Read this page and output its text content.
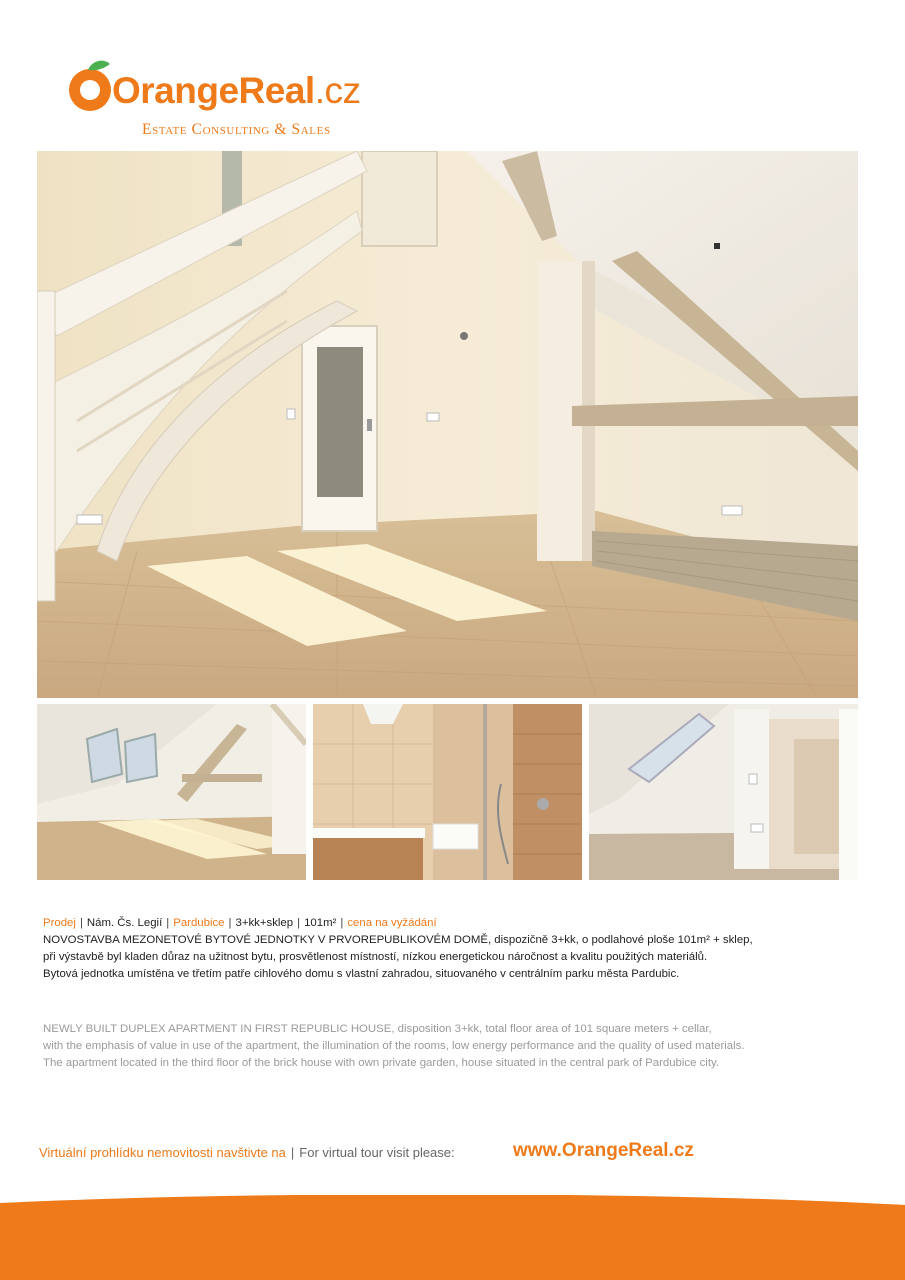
OrangeReal.cz
Estate Consulting & Sales
Prodej | Nám. Čs. Legií | Pardubice | 3+kk+sklep | 101m² | cena na vyžádání
NOVOSTAVBA MEZONETOVÉ BYTOVÉ JEDNOTKY V PRVOREPUBLIKOVÉM DOMĚ, dispozičně 3+kk, o podlahové ploše 101m² + sklep,
při výstavbě byl kladen důraz na užitnost bytu, prosvětlenost místností, nízkou energetickou náročnost a kvalitu použitých materiálů.
Bytová jednotka umístěna ve třetím patře cihlového domu s vlastní zahradou, situovaného v centrálním parku města Pardubic.
NEWLY BUILT DUPLEX APARTMENT IN FIRST REPUBLIC HOUSE, disposition 3+kk, total floor area of 101 square meters + cellar,
with the emphasis of value in use of the apartment, the illumination of the rooms, low energy performance and the quality of used materials.
The apartment located in the third floor of the brick house with own private garden, house situated in the central park of Pardubice city.
Virtuální prohlídku nemovitosti navštivte na | For virtual tour visit please:	www.OrangeReal.cz
